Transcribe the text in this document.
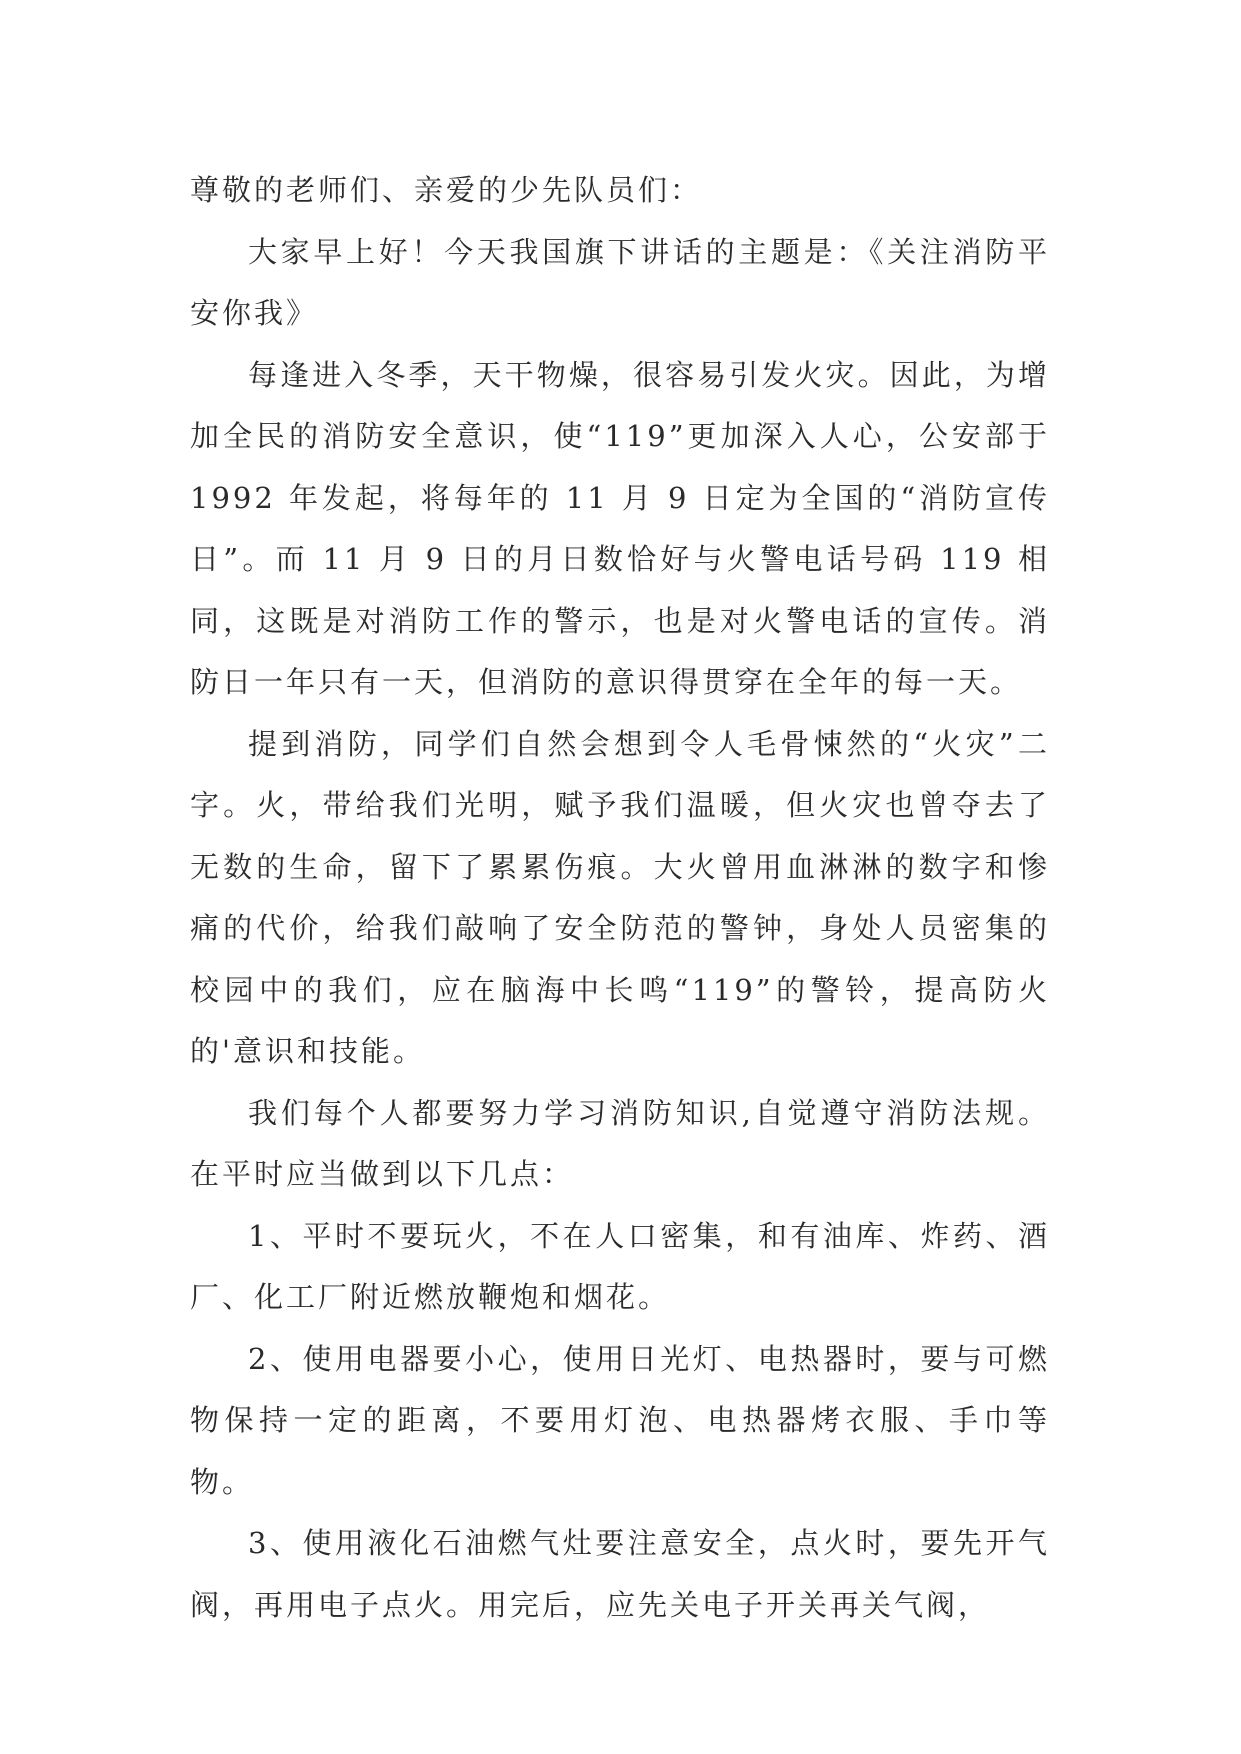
尊敬的老师们、亲爱的少先队员们：

大家早上好！今天我国旗下讲话的主题是：《关注消防平安你我》

每逢进入冬季，天干物燥，很容易引发火灾。因此，为增加全民的消防安全意识，使“119”更加深入人心，公安部于 1992 年发起，将每年的 11 月 9 日定为全国的“消防宣传日”。而 11 月 9 日的月日数恰好与火警电话号码 119 相同，这既是对消防工作的警示，也是对火警电话的宣传。消防日一年只有一天，但消防的意识得贯穿在全年的每一天。

提到消防，同学们自然会想到令人毛骨悚然的“火灾”二字。火，带给我们光明，赋予我们温暖，但火灾也曾夺去了无数的生命，留下了累累伤痕。大火曾用血淋淋的数字和惨痛的代价，给我们敲响了安全防范的警钟，身处人员密集的校园中的我们，应在脑海中长鸣“119”的警铃，提高防火的'意识和技能。

我们每个人都要努力学习消防知识,自觉遵守消防法规。在平时应当做到以下几点：

1、平时不要玩火，不在人口密集，和有油库、炸药、酒厂、化工厂附近燃放鞭炮和烟花。

2、使用电器要小心，使用日光灯、电热器时，要与可燃物保持一定的距离，不要用灯泡、电热器烤衣服、手巾等物。

3、使用液化石油燃气灶要注意安全，点火时，要先开气阀，再用电子点火。用完后，应先关电子开关再关气阀，
